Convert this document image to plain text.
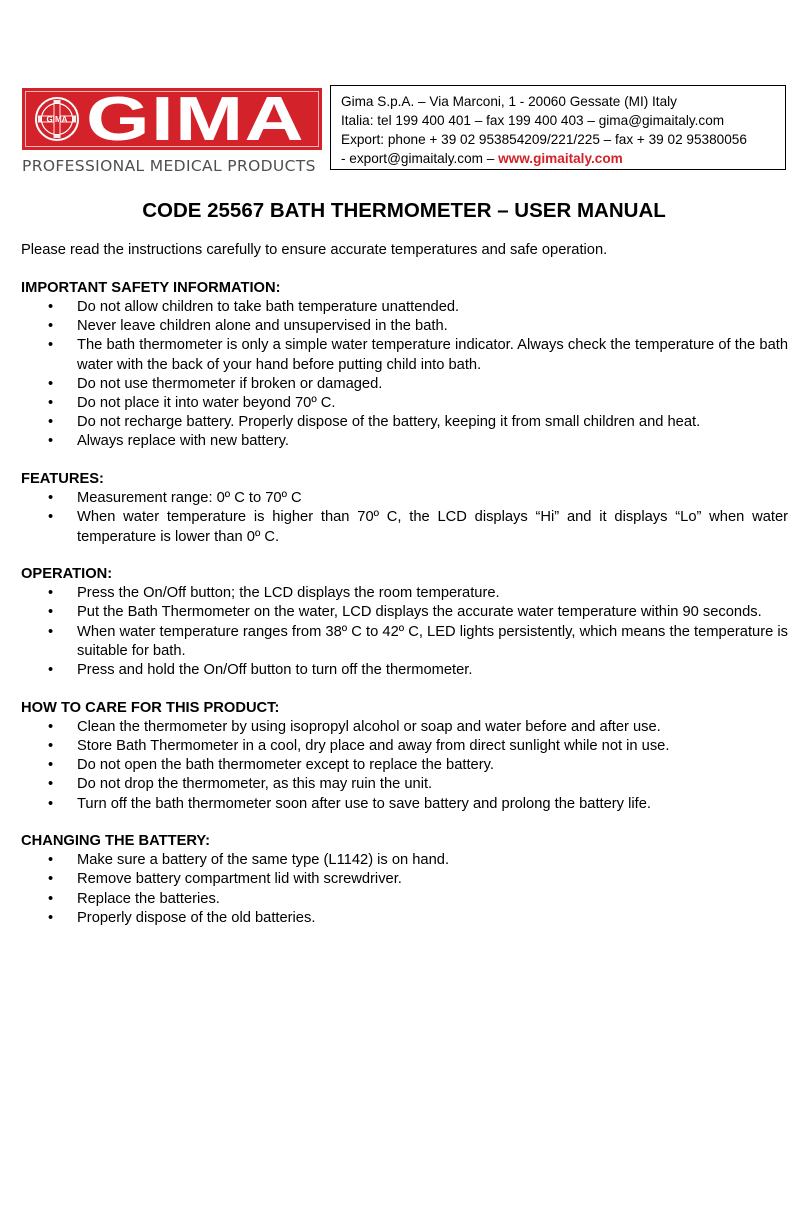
GIMA GIMA
PROFESSIONAL MEDICAL PRODUCTS
Gima S.p.A. – Via Marconi, 1 - 20060 Gessate (MI) Italy
Italia: tel 199 400 401 – fax 199 400 403 – gima@gimaitaly.com
Export: phone + 39 02 953854209/221/225 – fax + 39 02 95380056
- export@gimaitaly.com – www.gimaitaly.com
CODE 25567 BATH THERMOMETER – USER MANUAL

Please read the instructions carefully to ensure accurate temperatures and safe operation.

IMPORTANT SAFETY INFORMATION:
• Do not allow children to take bath temperature unattended.
• Never leave children alone and unsupervised in the bath.
• The bath thermometer is only a simple water temperature indicator. Always check the temperature of the bath water with the back of your hand before putting child into bath.
• Do not use thermometer if broken or damaged.
• Do not place it into water beyond 70º C.
• Do not recharge battery. Properly dispose of the battery, keeping it from small children and heat.
• Always replace with new battery.
FEATURES:
• Measurement range: 0º C to 70º C
• When water temperature is higher than 70º C, the LCD displays “Hi” and it displays “Lo” when water temperature is lower than 0º C.
OPERATION:
• Press the On/Off button; the LCD displays the room temperature.
• Put the Bath Thermometer on the water, LCD displays the accurate water temperature within 90 seconds.
• When water temperature ranges from 38º C to 42º C, LED lights persistently, which means the temperature is suitable for bath.
• Press and hold the On/Off button to turn off the thermometer.
HOW TO CARE FOR THIS PRODUCT:
• Clean the thermometer by using isopropyl alcohol or soap and water before and after use.
• Store Bath Thermometer in a cool, dry place and away from direct sunlight while not in use.
• Do not open the bath thermometer except to replace the battery.
• Do not drop the thermometer, as this may ruin the unit.
• Turn off the bath thermometer soon after use to save battery and prolong the battery life.
CHANGING THE BATTERY:
• Make sure a battery of the same type (L1142) is on hand.
• Remove battery compartment lid with screwdriver.
• Replace the batteries.
• Properly dispose of the old batteries.
